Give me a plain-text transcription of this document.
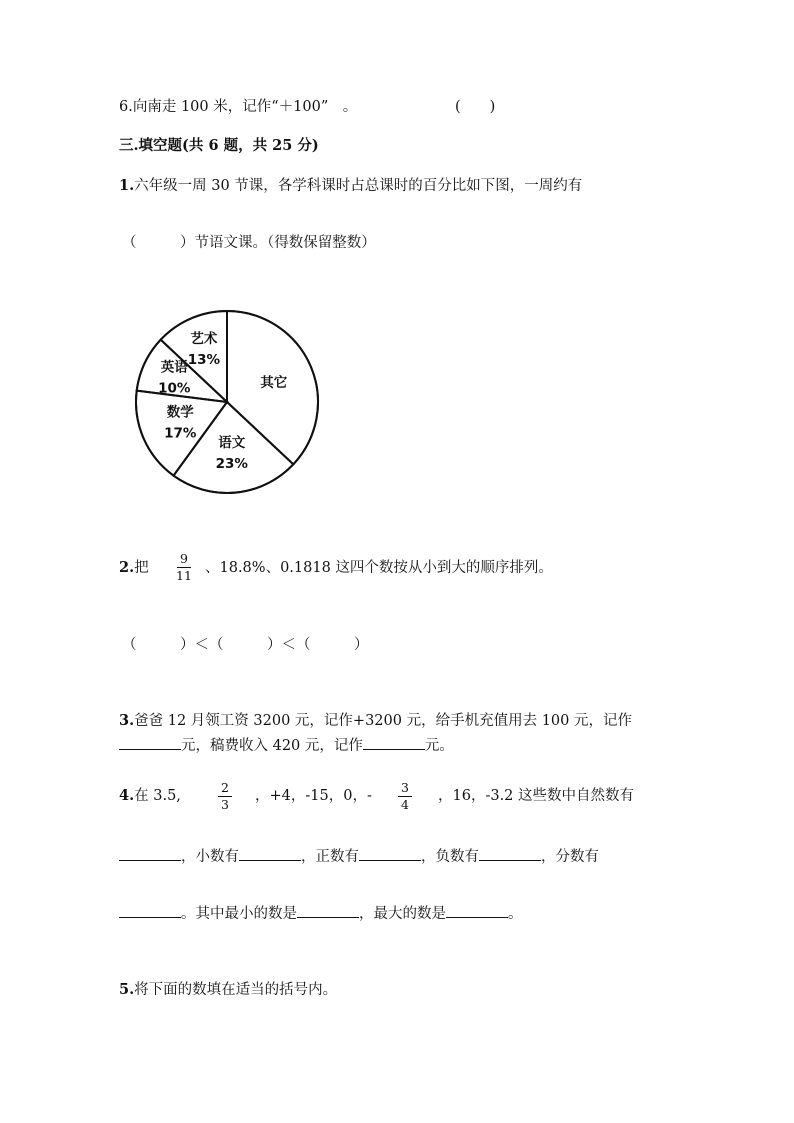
6.向南走 100 米，记作“＋100”　。	(　　)
三.填空题(共 6 题，共 25 分)
1.六年级一周 30 节课，各学科课时占总课时的百分比如下图，一周约有
（　　　）节语文课。（得数保留整数）
其它
语文
23%
数学
17%
英语
10%
艺术
13%
2.把
9
11 、18.8%、0.1818 这四个数按从小到大的顺序排列。
（　　　）＜（　　　）＜（　　　）
3.爸爸 12 月领工资 3200 元，记作+3200 元，给手机充值用去 100 元，记作
元，稿费收入 420 元，记作	元。
4.在 3.5,
2
3
，+4，-15，0，-
3
4
，16，-3.2 这些数中自然数有
，小数有	，正数有	，负数有	，分数有
。其中最小的数是	，最大的数是	。
5.将下面的数填在适当的括号内。
